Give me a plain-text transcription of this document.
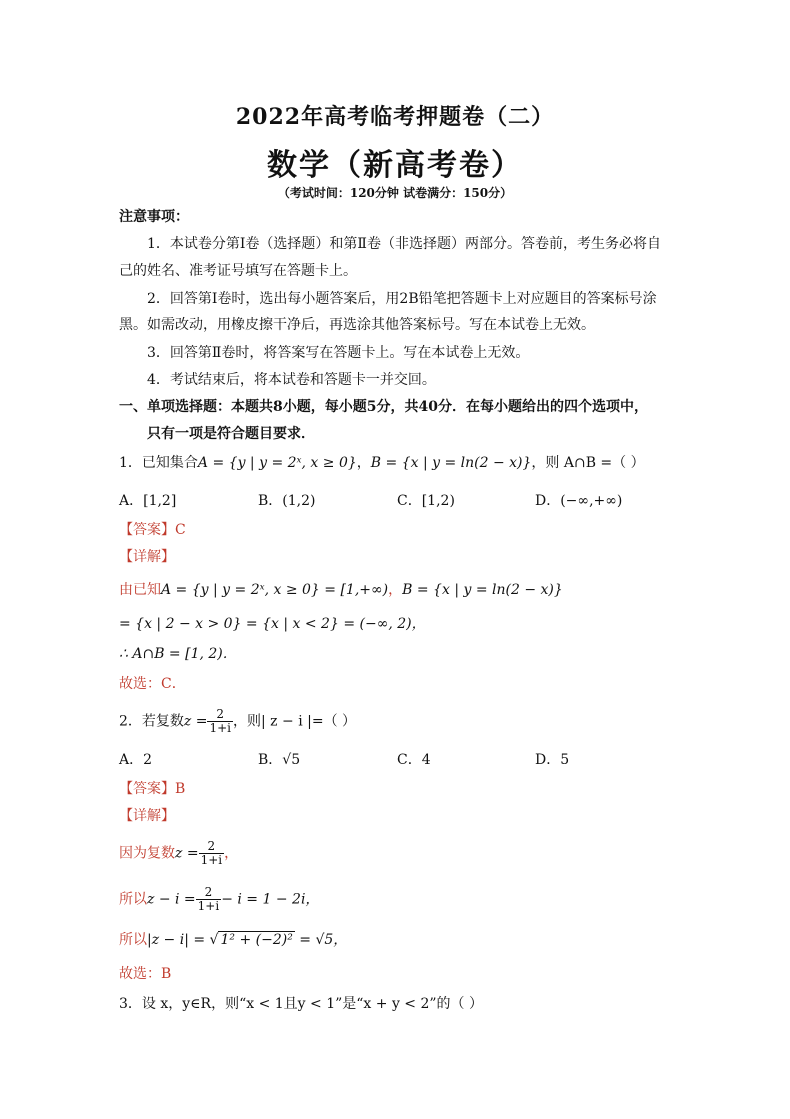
2022年高考临考押题卷（二）
数学（新高考卷）
（考试时间：120分钟 试卷满分：150分）
注意事项：
1．本试卷分第Ⅰ卷（选择题）和第Ⅱ卷（非选择题）两部分。答卷前，考生务必将自
己的姓名、准考证号填写在答题卡上。
2．回答第Ⅰ卷时，选出每小题答案后，用2B铅笔把答题卡上对应题目的答案标号涂
黑。如需改动，用橡皮擦干净后，再选涂其他答案标号。写在本试卷上无效。
3．回答第Ⅱ卷时，将答案写在答题卡上。写在本试卷上无效。
4．考试结束后，将本试卷和答题卡一并交回。
一、单项选择题：本题共8小题，每小题5分，共40分．在每小题给出的四个选项中，
只有一项是符合题目要求．
1．已知集合A = {y | y = 2ˣ, x ≥ 0}，B = {x | y = ln(2 − x)}，则 A∩B =（ ）
A．[1,2]	B．(1,2)	C．[1,2)	D．(−∞,+∞)
【答案】C
【详解】
由已知A = {y | y = 2ˣ, x ≥ 0} = [1,+∞)，B = {x | y = ln(2 − x)}
= {x | 2 − x > 0} = {x | x < 2} = (−∞, 2)，
∴ A∩B = [1, 2)．
故选：C．
2．若复数$z = \frac{2}{1+i}$ ，则| z − i |=（ ）
A．2	B．√5	C．4	D．5
【答案】B
【详解】
因为复数$z = \frac{2}{1+i}$ ，
所以$z - i = \frac{2}{1+i} - i = 1 - 2i$，
所以|z − i| = √ 1² + (−2)² = √5，
故选：B
3．设 x，y∈R，则“x < 1且y < 1”是“x + y < 2”的（ ）
